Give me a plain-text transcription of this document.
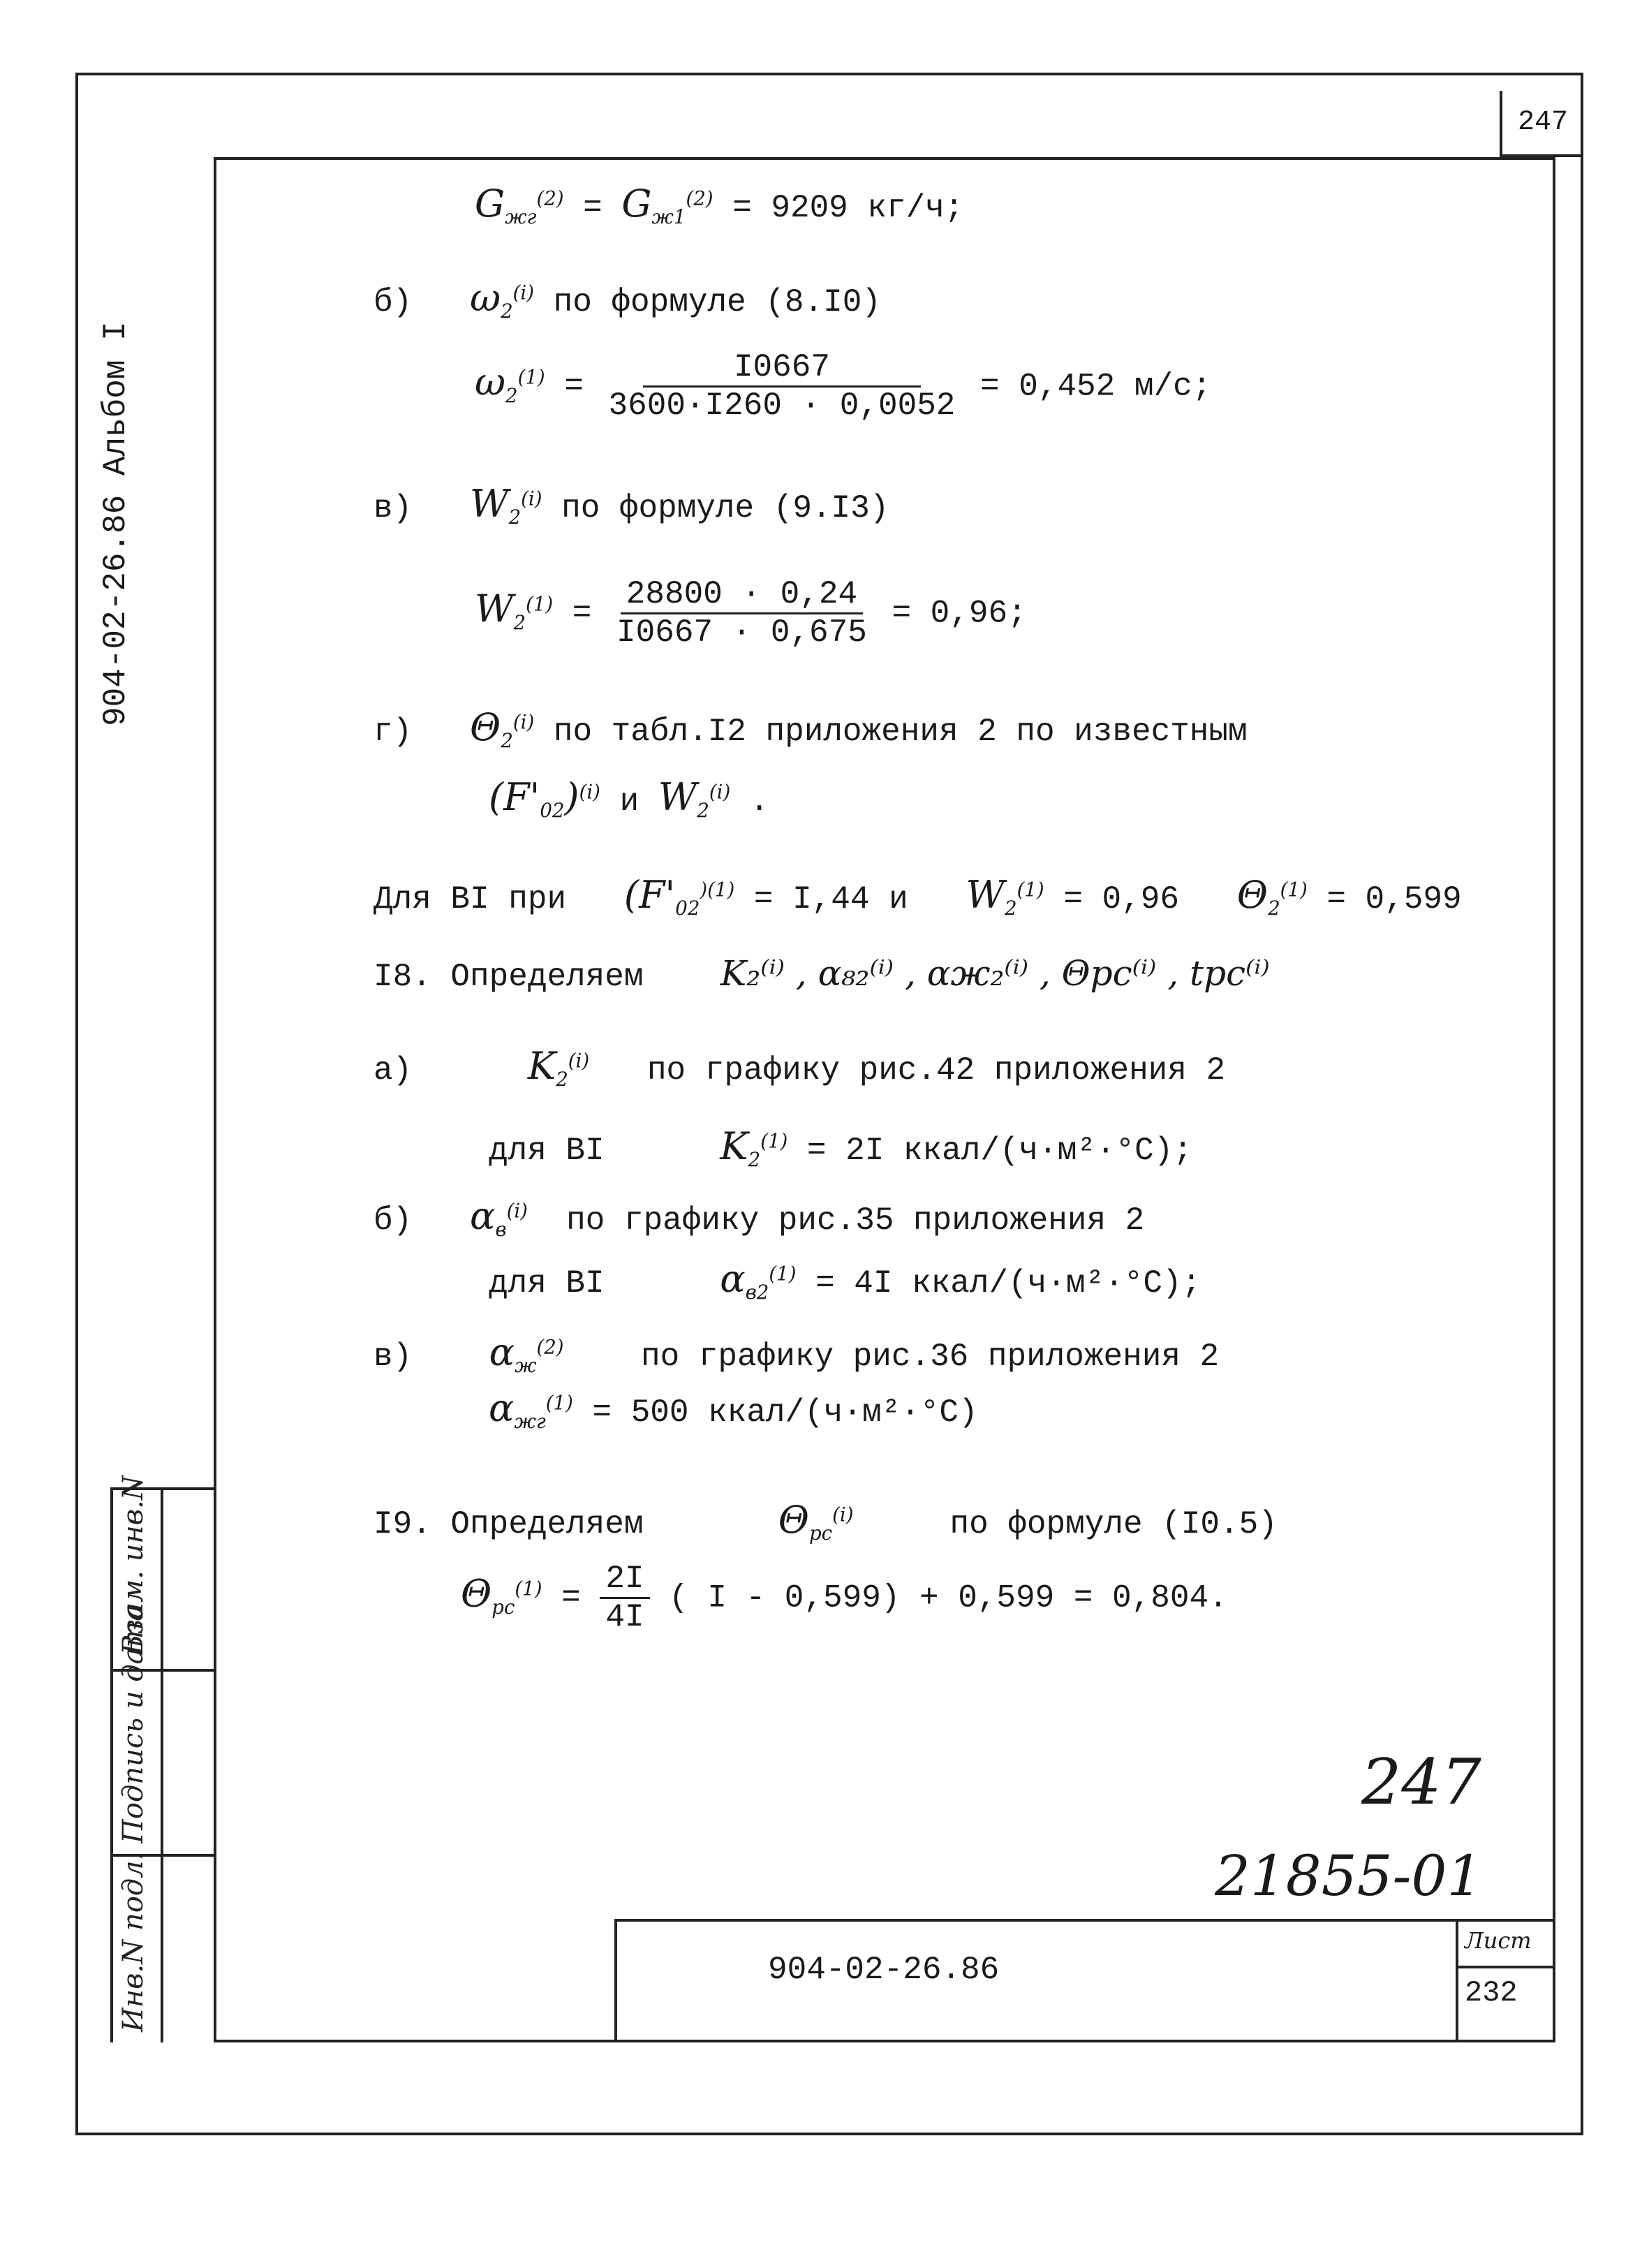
247
904-02-26.86 Альбом I
Взам. инв.N
Подпись и дата
Инв.N подл.	904-02-26.86
Лист
232
$G_{жг}^{(2)} = G_{ж1}^{(2)} = 9209$ кг/ч;
б) $\omega_2^{(i)}$ по формуле (8.I0)
$\omega_2^{(1)} = \frac{I0667}{3600\cdot I260 \cdot 0,0052} = 0,452$ м/с;
в) $W_2^{(i)}$ по формуле (9.I3)
$W_2^{(1)} = \frac{28800 \cdot 0,24}{I0667 \cdot 0,675} = 0,96$;
г) $\Theta_2^{(i)}$ по табл.I2 приложения 2 по известным
$(F'_{02})^{(i)}$ и $W_2^{(i)}$ .
Для BI при ($F'_{02}^{)(1)} = I,44$ и $W_2^{(1)} = 0,96$ $\Theta_2^{(1)} = 0,599$
I8. Определяем K₂⁽ⁱ⁾ , α₈₂⁽ⁱ⁾ , αж₂⁽ⁱ⁾ , Θpc⁽ⁱ⁾ , tpc⁽ⁱ⁾
а)	$K_2^{(i)}$ по графику рис.42 приложения 2
для BI	$K_2^{(1)} = 2I$ ккал/(ч·м²·°C);
б) $\alpha_в^{(i)}$ по графику рис.35 приложения 2
для BI	$\alpha_{в2}^{(1)} = 4I$ ккал/(ч·м²·°C);
в) $\alpha_ж^{(2)}$ по графику рис.36 приложения 2
$\alpha_{жг}^{(1)} = 500$ ккал/(ч·м²·°C)
I9. Определяем	$\Theta_{pc}^{(i)}$	по формуле (I0.5)
$\Theta_{pc}^{(1)} = \frac{2I}{4I}$ ( I - 0,599) + 0,599 = 0,804.
247
21855-01
